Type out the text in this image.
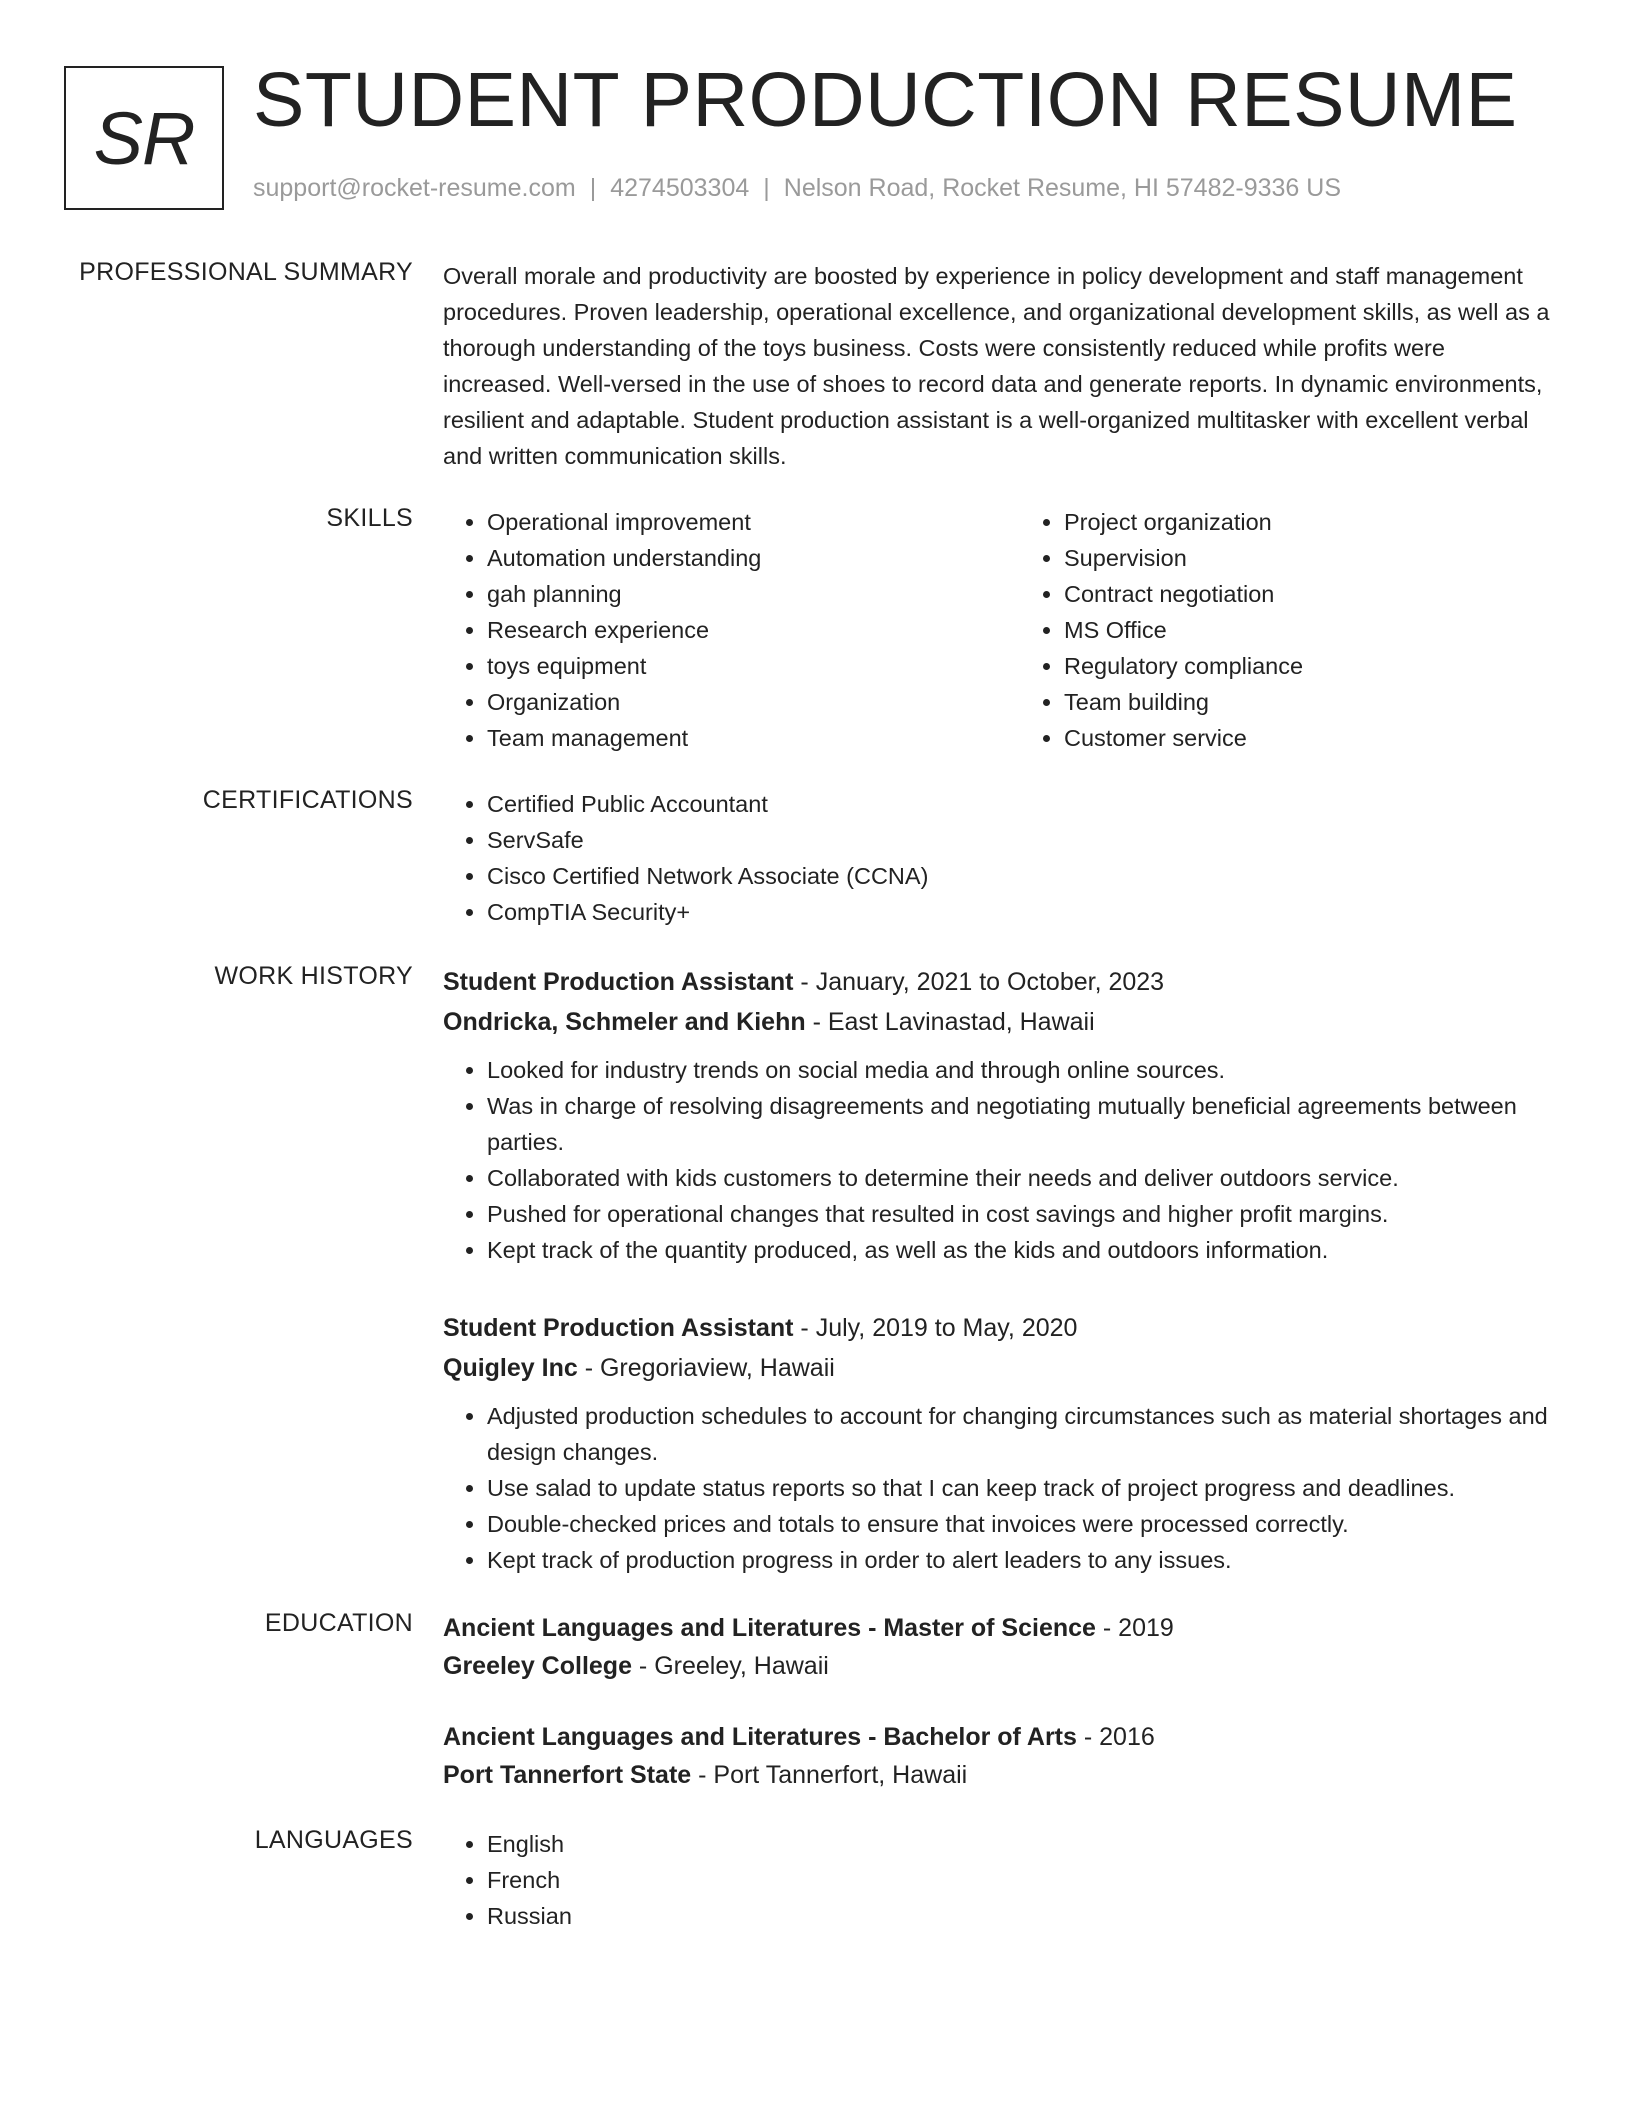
SR STUDENT PRODUCTION RESUME
support@rocket-resume.com | 4274503304 | Nelson Road, Rocket Resume, HI 57482-9336 US
PROFESSIONAL SUMMARY Overall morale and productivity are boosted by experience in policy development and staff management procedures. Proven leadership, operational excellence, and organizational development skills, as well as a thorough understanding of the toys business. Costs were consistently reduced while profits were increased. Well-versed in the use of shoes to record data and generate reports. In dynamic environments, resilient and adaptable. Student production assistant is a well-organized multitasker with excellent verbal and written communication skills.

SKILLS	• Operational improvement
• Automation understanding
• gah planning
• Research experience
• toys equipment
• Organization
• Team management
• Project organization
• Supervision
• Contract negotiation
• MS Office
• Regulatory compliance
• Team building
• Customer service
CERTIFICATIONS	• Certified Public Accountant
• ServSafe
• Cisco Certified Network Associate (CCNA)
• CompTIA Security+
WORK HISTORY Student Production Assistant - January, 2021 to October, 2023
Ondricka, Schmeler and Kiehn - East Lavinastad, Hawaii
• Looked for industry trends on social media and through online sources.
• Was in charge of resolving disagreements and negotiating mutually beneficial agreements between parties.
• Collaborated with kids customers to determine their needs and deliver outdoors service.
• Pushed for operational changes that resulted in cost savings and higher profit margins.
• Kept track of the quantity produced, as well as the kids and outdoors information.
Student Production Assistant - July, 2019 to May, 2020
Quigley Inc - Gregoriaview, Hawaii
• Adjusted production schedules to account for changing circumstances such as material shortages and design changes.
• Use salad to update status reports so that I can keep track of project progress and deadlines.
• Double-checked prices and totals to ensure that invoices were processed correctly.
• Kept track of production progress in order to alert leaders to any issues.
EDUCATION Ancient Languages and Literatures - Master of Science - 2019
Greeley College - Greeley, Hawaii
Ancient Languages and Literatures - Bachelor of Arts - 2016
Port Tannerfort State - Port Tannerfort, Hawaii
LANGUAGES	• English
• French
• Russian
